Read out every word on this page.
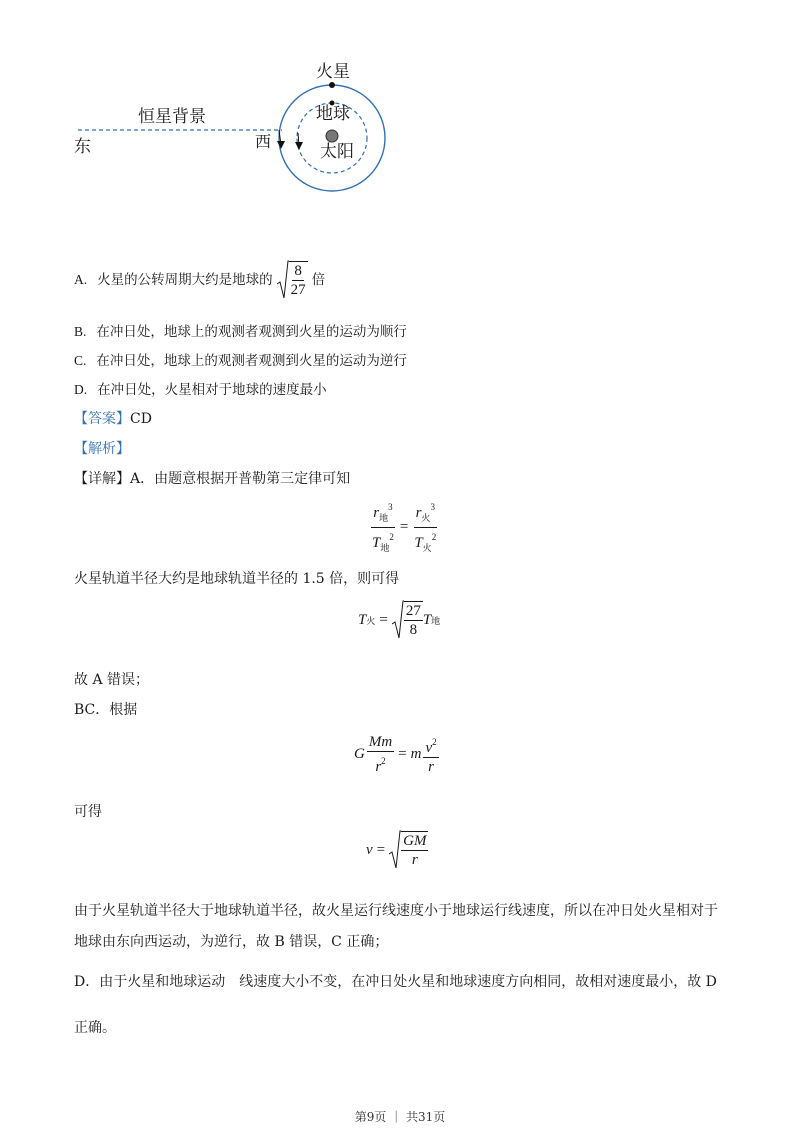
火星
地球
太阳
恒星背景
东	西
A. 火星的公转周期大约是地球的 $\frac{8}{27}$ 倍
B. 在冲日处，地球上的观测者观测到火星的运动为顺行
C. 在冲日处，地球上的观测者观测到火星的运动为逆行
D. 在冲日处，火星相对于地球的速度最小
【答案】CD
【解析】
【详解】A．由题意根据开普勒第三定律可知
$\frac{r_地^3}{T_地^2} = \frac{r_火^3}{T_火^2}$
火星轨道半径大约是地球轨道半径的 1.5 倍，则可得
T 火 = $\frac{27}{8}$ T 地
故 A 错误；
BC．根据
G $\frac{Mm}{r^2} = m \frac{v^2}{r}$
可得
$v = \frac{GM}{r}$
由于火星轨道半径大于地球轨道半径，故火星运行线速度小于地球运行线速度，所以在冲日处火星相对于
地球由东向西运动，为逆行，故 B 错误，C 正确；
D．由于火星和地球运动　线速度大小不变，在冲日处火星和地球速度方向相同，故相对速度最小，故 D
正确。
第9页 ｜ 共31页
